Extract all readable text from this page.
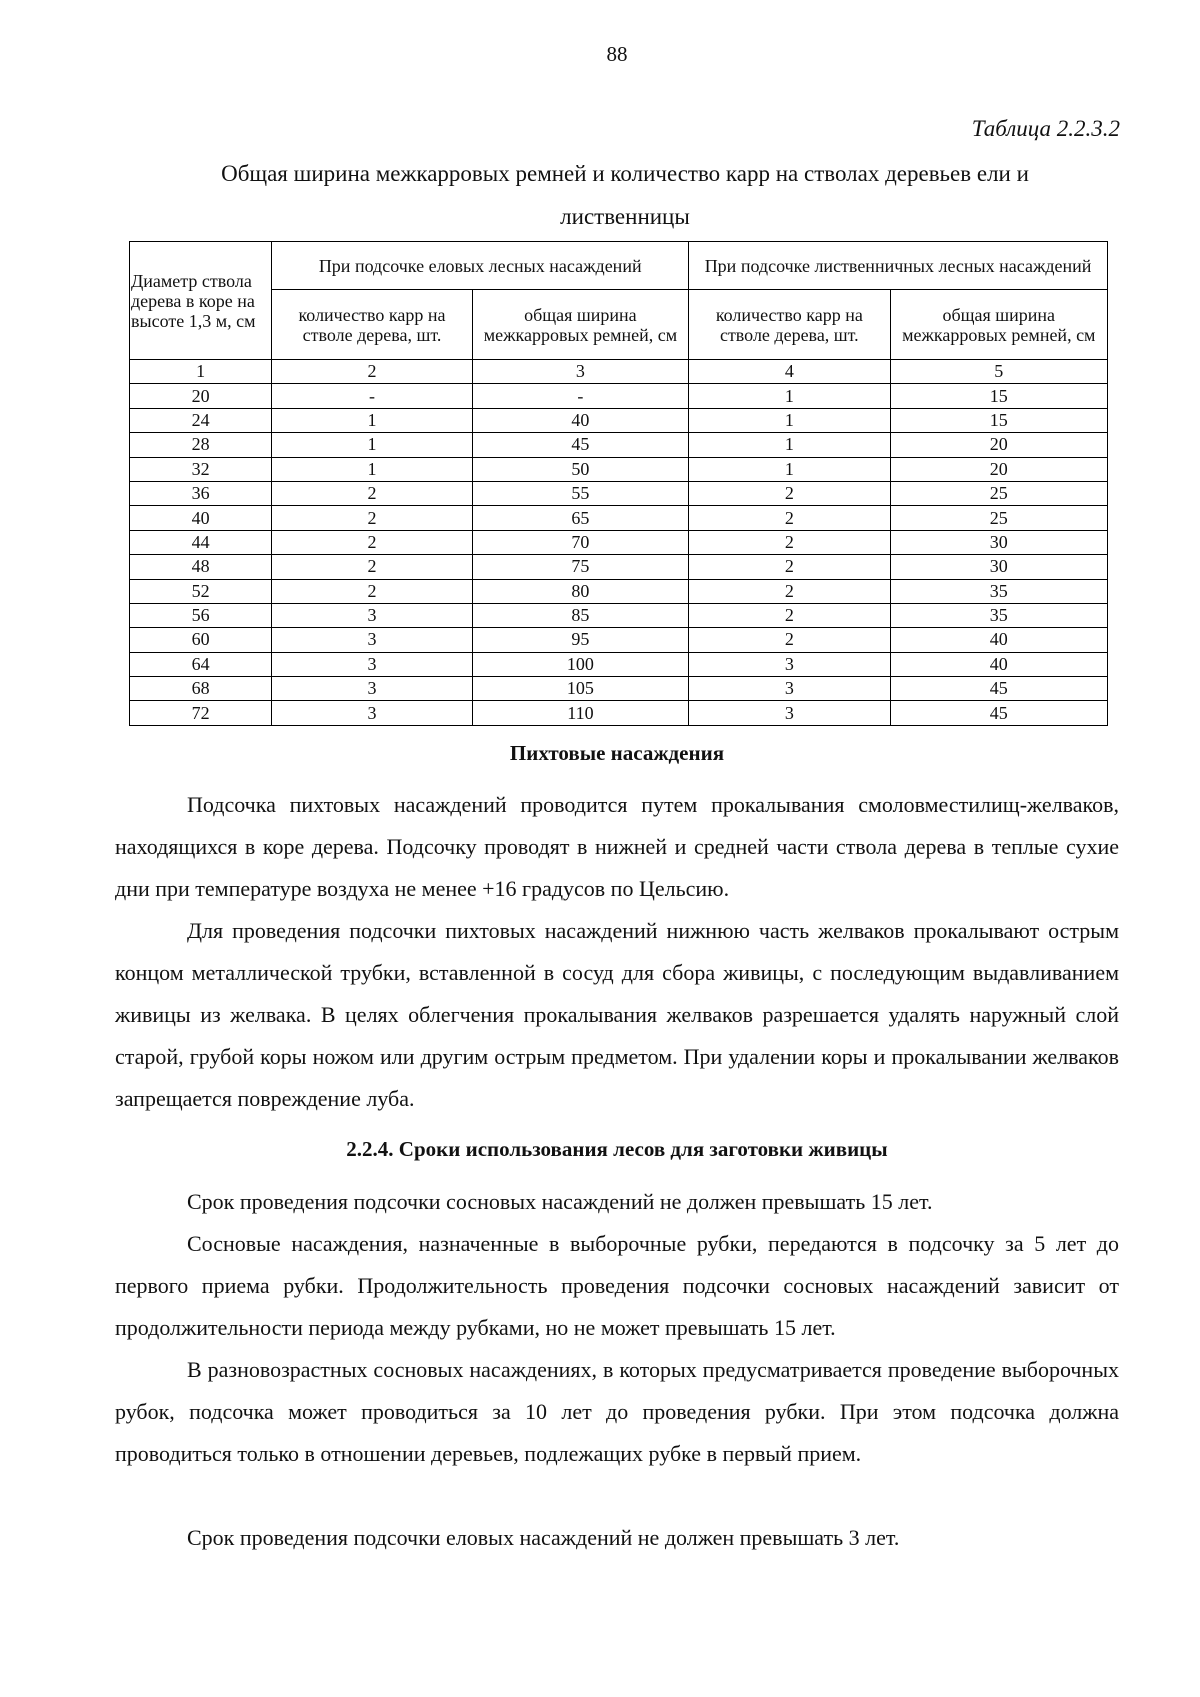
88
Таблица 2.2.3.2
Общая ширина межкарровых ремней и количество карр на стволах деревьев ели и лиственницы
Диаметр ствола дерева в коре на высоте 1,3 м, см	При подсочке еловых лесных насаждений		При подсочке лиственничных лесных насаждений	
	количество карр на стволе дерева, шт.	общая ширина межкарровых ремней, см	количество карр на стволе дерева, шт.	общая ширина межкарровых ремней, см
1	2	3	4	5
20	-	-	1	15
24	1	40	1	15
28	1	45	1	20
32	1	50	1	20
36	2	55	2	25
40	2	65	2	25
44	2	70	2	30
48	2	75	2	30
52	2	80	2	35
56	3	85	2	35
60	3	95	2	40
64	3	100	3	40
68	3	105	3	45
72	3	110	3	45
Пихтовые насаждения

Подсочка пихтовых насаждений проводится путем прокалывания смоловместилищ-желваков, находящихся в коре дерева. Подсочку проводят в нижней и средней части ствола дерева в теплые сухие дни при температуре воздуха не менее +16 градусов по Цельсию.

Для проведения подсочки пихтовых насаждений нижнюю часть желваков прокалывают острым концом металлической трубки, вставленной в сосуд для сбора живицы, с последующим выдавливанием живицы из желвака. В целях облегчения прокалывания желваков разрешается удалять наружный слой старой, грубой коры ножом или другим острым предметом. При удалении коры и прокалывании желваков запрещается повреждение луба.

2.2.4. Сроки использования лесов для заготовки живицы

Срок проведения подсочки сосновых насаждений не должен превышать 15 лет.

Сосновые насаждения, назначенные в выборочные рубки, передаются в подсочку за 5 лет до первого приема рубки. Продолжительность проведения подсочки сосновых насаждений зависит от продолжительности периода между рубками, но не может превышать 15 лет.

В разновозрастных сосновых насаждениях, в которых предусматривается проведение выборочных рубок, подсочка может проводиться за 10 лет до проведения рубки. При этом подсочка должна проводиться только в отношении деревьев, подлежащих рубке в первый прием.

Срок проведения подсочки еловых насаждений не должен превышать 3 лет.
